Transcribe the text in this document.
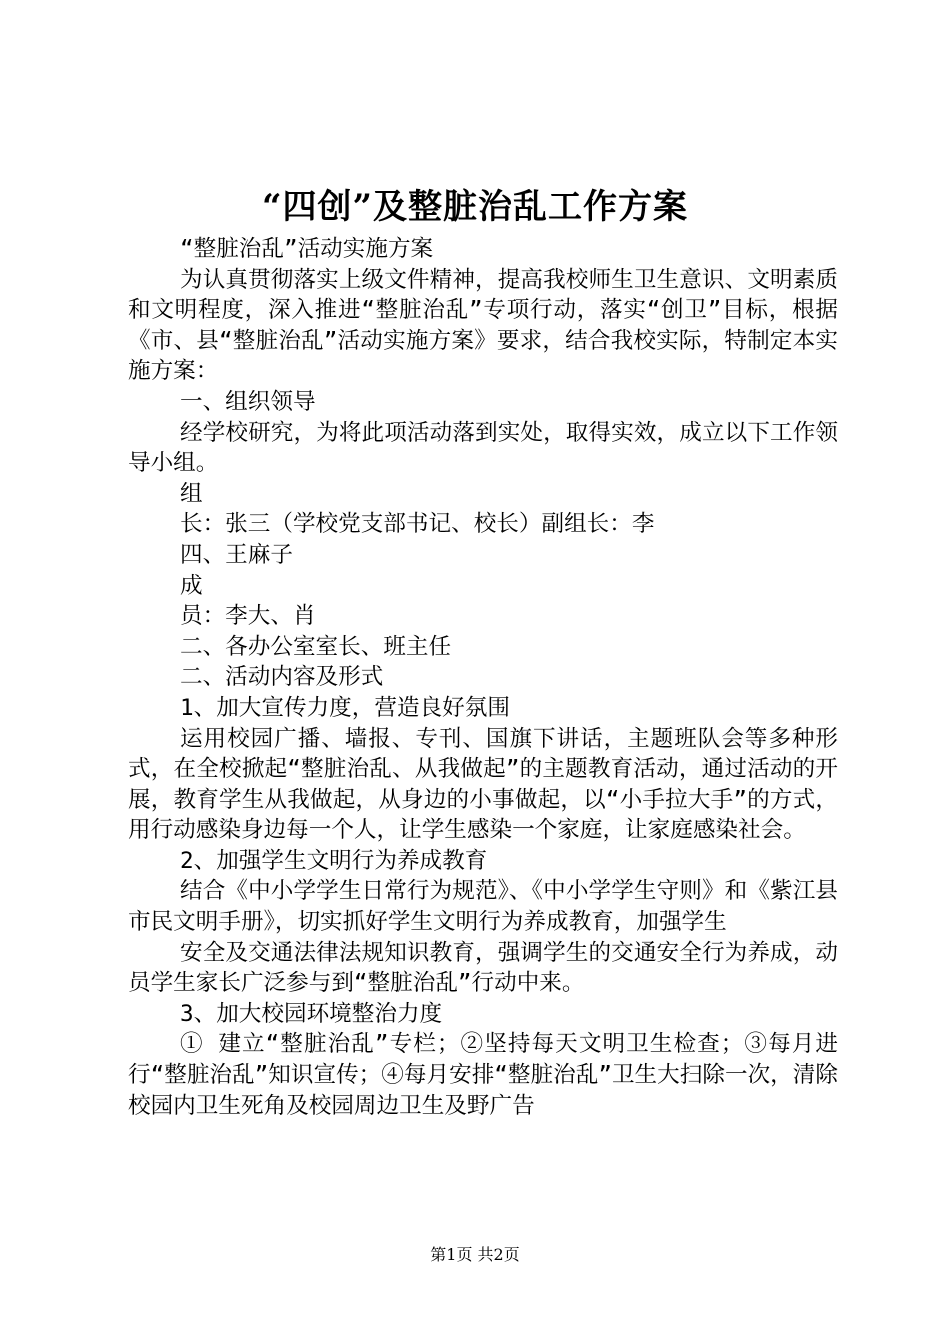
“四创”及整脏治乱工作方案

“整脏治乱”活动实施方案

为认真贯彻落实上级文件精神，提高我校师生卫生意识、文明素质和文明程度，深入推进“整脏治乱”专项行动，落实“创卫”目标，根据《市、县“整脏治乱”活动实施方案》要求，结合我校实际，特制定本实施方案：

一、组织领导

经学校研究，为将此项活动落到实处，取得实效，成立以下工作领导小组。

组

长：张三（学校党支部书记、校长）副组长：李

四、王麻子

成

员：李大、肖

二、各办公室室长、班主任

二、活动内容及形式

1、加大宣传力度，营造良好氛围

运用校园广播、墙报、专刊、国旗下讲话，主题班队会等多种形式，在全校掀起“整脏治乱、从我做起”的主题教育活动，通过活动的开展，教育学生从我做起，从身边的小事做起，以“小手拉大手”的方式，用行动感染身边每一个人，让学生感染一个家庭，让家庭感染社会。

2、加强学生文明行为养成教育

结合《中小学学生日常行为规范》、《中小学学生守则》和《紫江县市民文明手册》，切实抓好学生文明行为养成教育，加强学生

安全及交通法律法规知识教育，强调学生的交通安全行为养成，动员学生家长广泛参与到“整脏治乱”行动中来。

3、加大校园环境整治力度

① 建立“整脏治乱”专栏；②坚持每天文明卫生检查；③每月进行“整脏治乱”知识宣传；④每月安排“整脏治乱”卫生大扫除一次，清除校园内卫生死角及校园周边卫生及野广告

第1页 共2页
